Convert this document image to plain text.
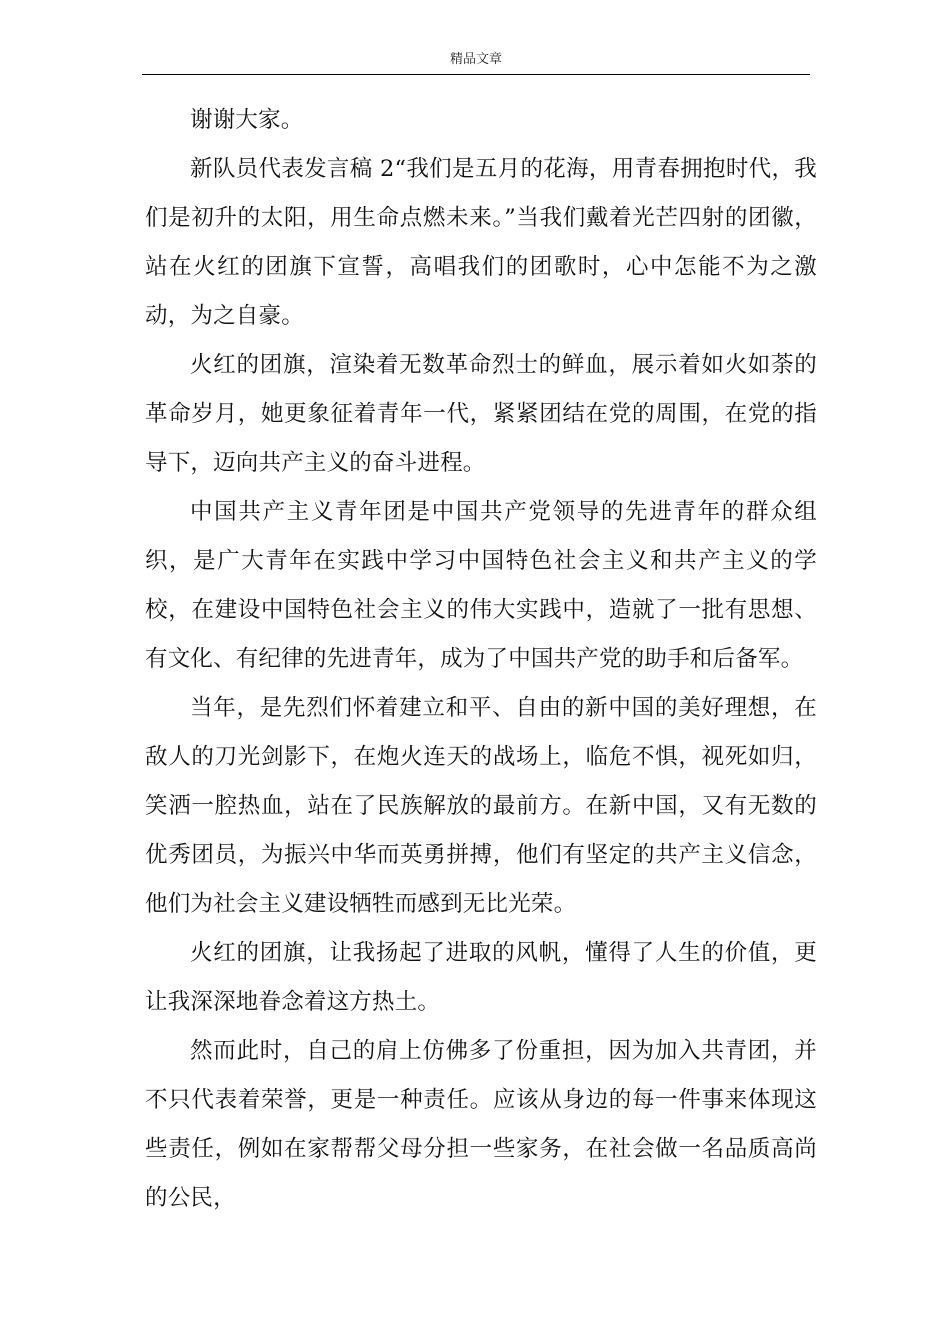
精品文章

谢谢大家。

新队员代表发言稿 2“我们是五月的花海，用青春拥抱时代，我们是初升的太阳，用生命点燃未来。”当我们戴着光芒四射的团徽，站在火红的团旗下宣誓，高唱我们的团歌时，心中怎能不为之激动，为之自豪。

火红的团旗，渲染着无数革命烈士的鲜血，展示着如火如荼的革命岁月，她更象征着青年一代，紧紧团结在党的周围，在党的指导下，迈向共产主义的奋斗进程。

中国共产主义青年团是中国共产党领导的先进青年的群众组织，是广大青年在实践中学习中国特色社会主义和共产主义的学校，在建设中国特色社会主义的伟大实践中，造就了一批有思想、有文化、有纪律的先进青年，成为了中国共产党的助手和后备军。

当年，是先烈们怀着建立和平、自由的新中国的美好理想，在敌人的刀光剑影下，在炮火连天的战场上，临危不惧，视死如归，笑洒一腔热血，站在了民族解放的最前方。在新中国，又有无数的优秀团员，为振兴中华而英勇拼搏，他们有坚定的共产主义信念，他们为社会主义建设牺牲而感到无比光荣。

火红的团旗，让我扬起了进取的风帆，懂得了人生的价值，更让我深深地眷念着这方热土。

然而此时，自己的肩上仿佛多了份重担，因为加入共青团，并不只代表着荣誉，更是一种责任。应该从身边的每一件事来体现这些责任，例如在家帮帮父母分担一些家务，在社会做一名品质高尚的公民，
